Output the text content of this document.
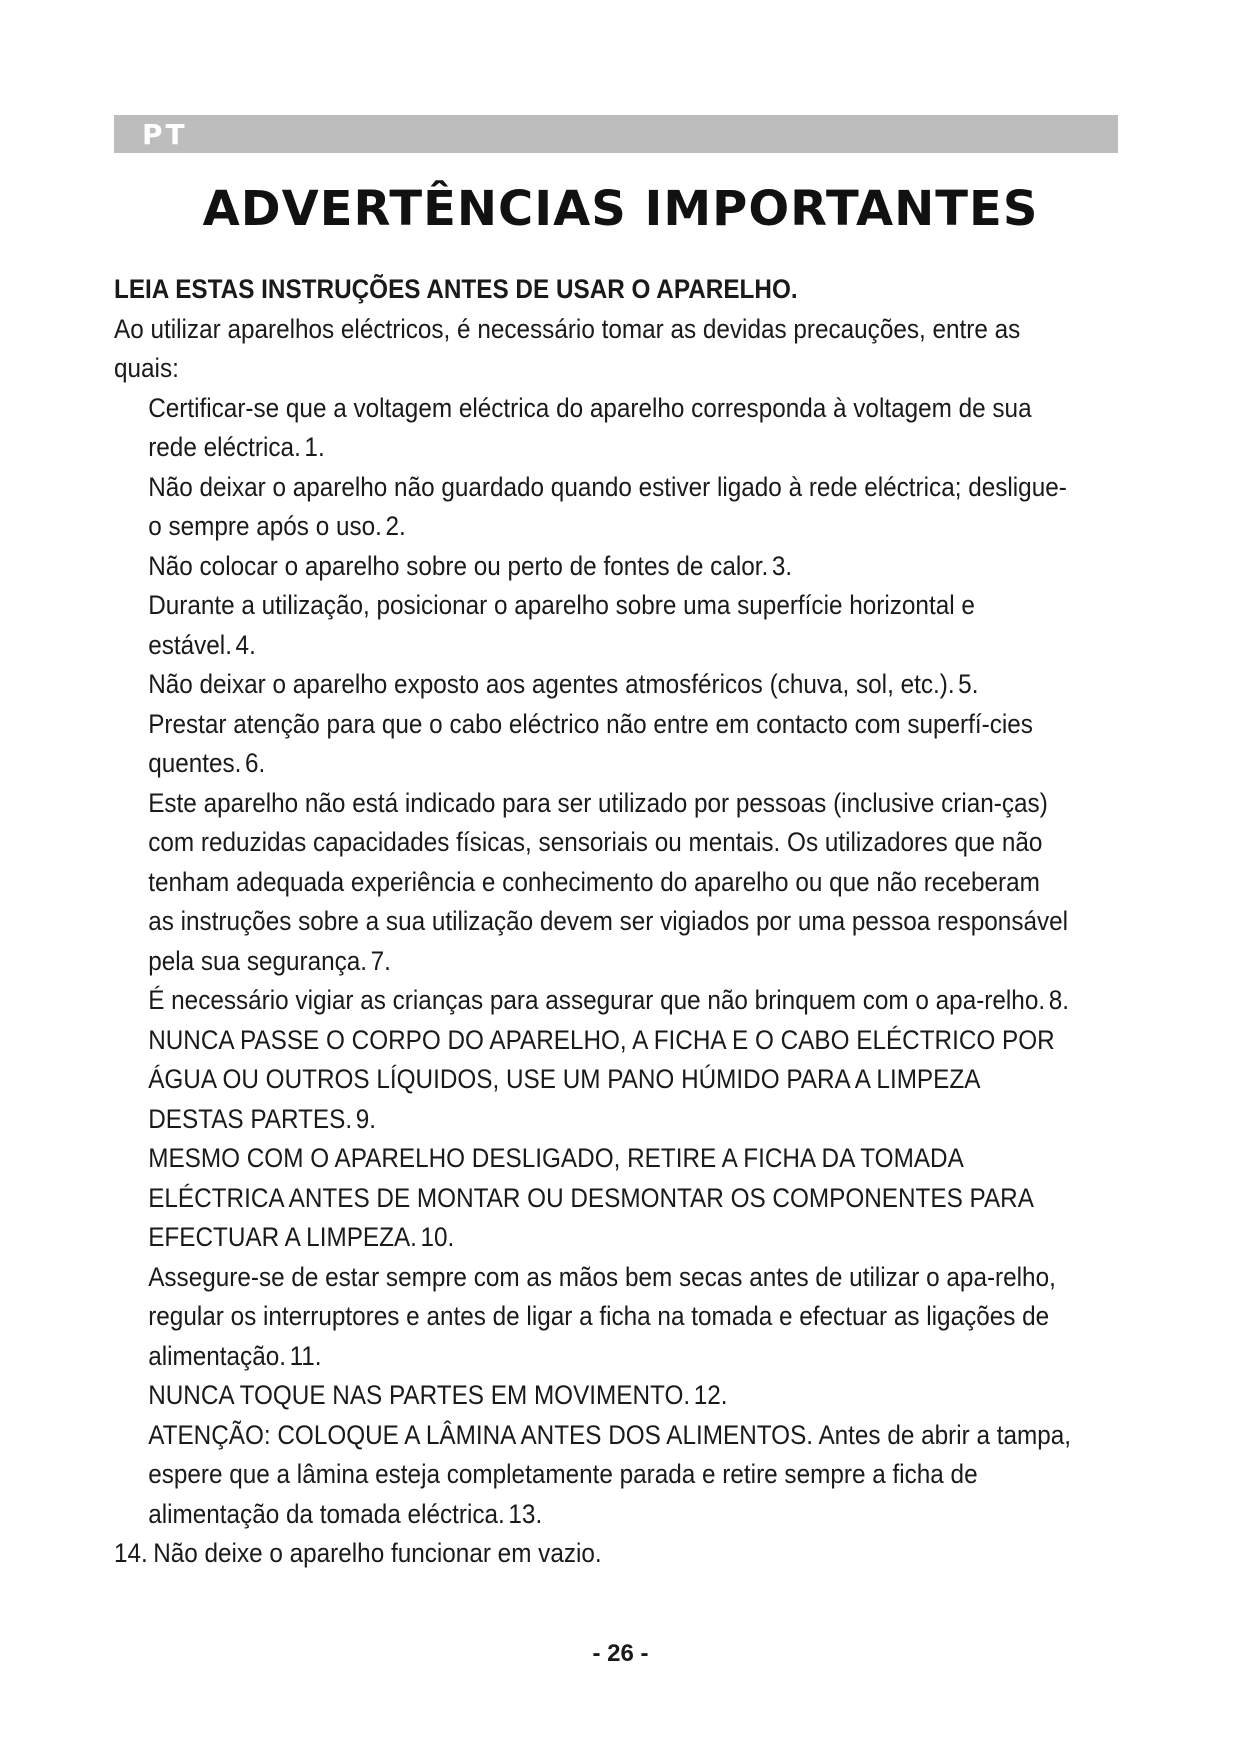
PT
ADVERTÊNCIAS IMPORTANTES

LEIA ESTAS INSTRUÇÕES ANTES DE USAR O APARELHO.

Ao utilizar aparelhos eléctricos, é necessário tomar as devidas precauções, entre as quais:

Certificar-se que a voltagem eléctrica do aparelho corresponda à voltagem de sua rede eléctrica. 1.
Não deixar o aparelho não guardado quando estiver ligado à rede eléctrica; desligue-o sempre após o uso. 2.
Não colocar o aparelho sobre ou perto de fontes de calor. 3.
Durante a utilização, posicionar o aparelho sobre uma superfície horizontal e estável. 4.
Não deixar o aparelho exposto aos agentes atmosféricos (chuva, sol, etc.). 5.
Prestar atenção para que o cabo eléctrico não entre em contacto com superfí-cies quentes. 6.
Este aparelho não está indicado para ser utilizado por pessoas (inclusive crian-ças) com reduzidas capacidades físicas, sensoriais ou mentais. Os utilizadores que não tenham adequada experiência e conhecimento do aparelho ou que não receberam as instruções sobre a sua utilização devem ser vigiados por uma pessoa responsável pela sua segurança. 7.
É necessário vigiar as crianças para assegurar que não brinquem com o apa-relho. 8.
NUNCA PASSE O CORPO DO APARELHO, A FICHA E O CABO ELÉCTRICO POR ÁGUA OU OUTROS LÍQUIDOS, USE UM PANO HÚMIDO PARA A LIMPEZA DESTAS PARTES. 9.
MESMO COM O APARELHO DESLIGADO, RETIRE A FICHA DA TOMADA ELÉCTRICA ANTES DE MONTAR OU DESMONTAR OS COMPONENTES PARA EFECTUAR A LIMPEZA. 10.
Assegure-se de estar sempre com as mãos bem secas antes de utilizar o apa-relho, regular os interruptores e antes de ligar a ficha na tomada e efectuar as ligações de alimentação. 11.
NUNCA TOQUE NAS PARTES EM MOVIMENTO. 12.
ATENÇÃO: COLOQUE A LÂMINA ANTES DOS ALIMENTOS. Antes de abrir a tampa, espere que a lâmina esteja completamente parada e retire sempre a ficha de alimentação da tomada eléctrica. 13.
14. Não deixe o aparelho funcionar em vazio.
- 26 -
